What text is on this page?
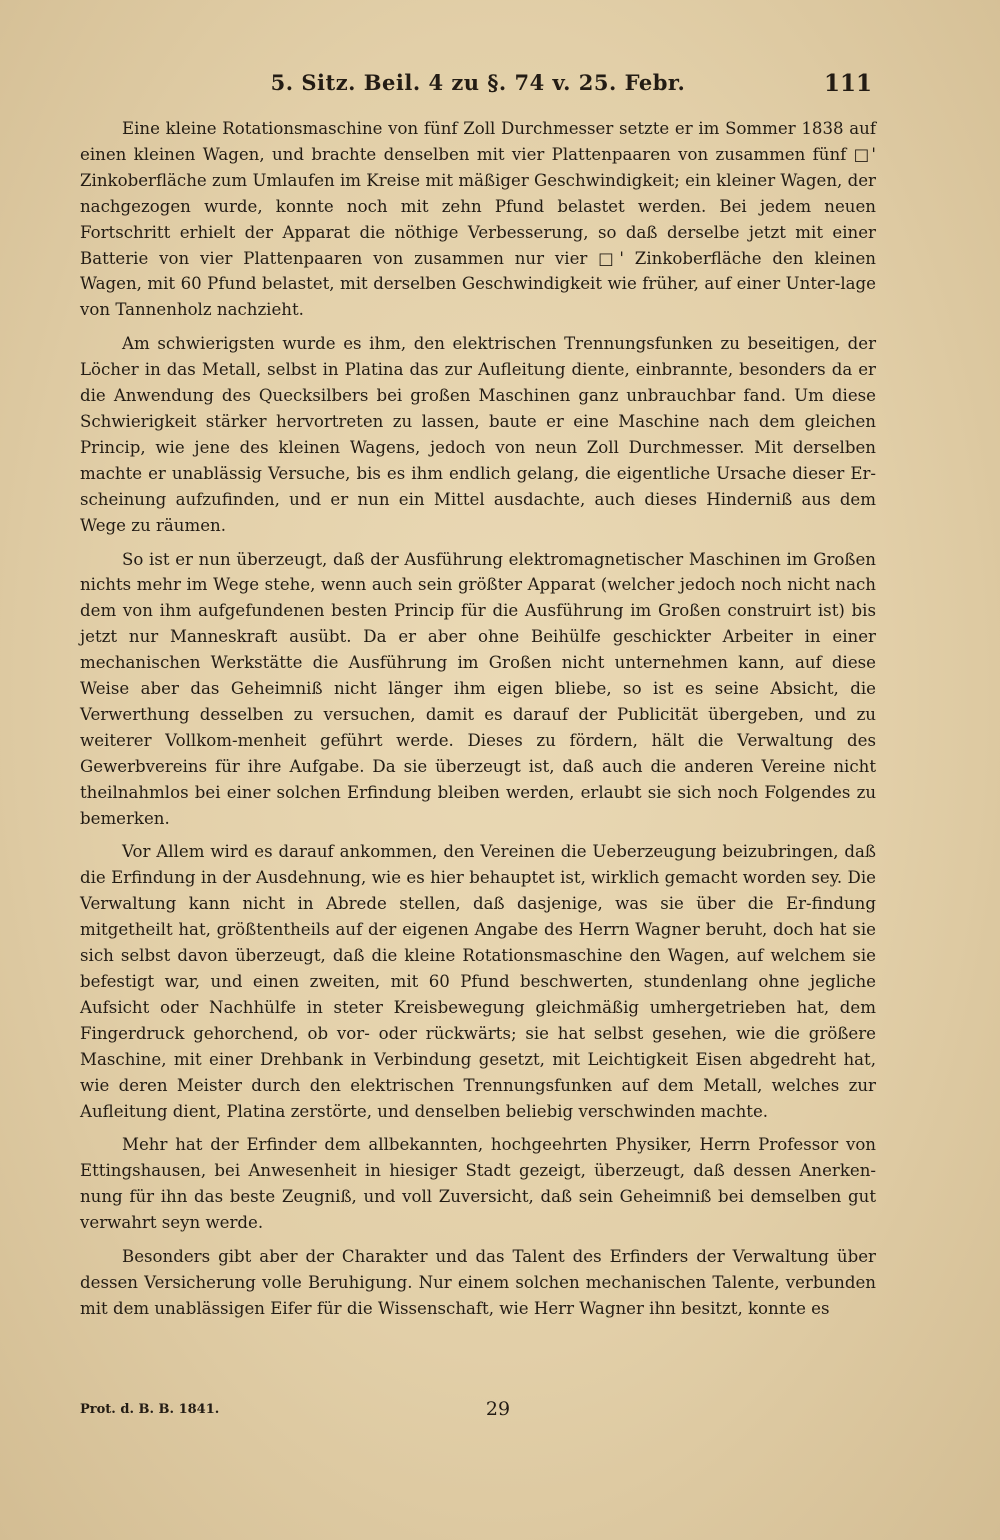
5. Sitz. Beil. 4 zu §. 74 v. 25. Febr.	111

Eine kleine Rotationsmaschine von fünf Zoll Durchmesser setzte er im Sommer 1838 auf einen kleinen Wagen, und brachte denselben mit vier Plattenpaaren von zusammen fünf □' Zinkoberfläche zum Umlaufen im Kreise mit mäßiger Geschwindigkeit; ein kleiner Wagen, der nachgezogen wurde, konnte noch mit zehn Pfund belastet werden. Bei jedem neuen Fortschritt erhielt der Apparat die nöthige Verbesserung, so daß derselbe jetzt mit einer Batterie von vier Plattenpaaren von zusammen nur vier □' Zinkoberfläche den kleinen Wagen, mit 60 Pfund belastet, mit derselben Geschwindigkeit wie früher, auf einer Unter-lage von Tannenholz nachzieht.

Am schwierigsten wurde es ihm, den elektrischen Trennungsfunken zu beseitigen, der Löcher in das Metall, selbst in Platina das zur Aufleitung diente, einbrannte, besonders da er die Anwendung des Quecksilbers bei großen Maschinen ganz unbrauchbar fand. Um diese Schwierigkeit stärker hervortreten zu lassen, baute er eine Maschine nach dem gleichen Princip, wie jene des kleinen Wagens, jedoch von neun Zoll Durchmesser. Mit derselben machte er unablässig Versuche, bis es ihm endlich gelang, die eigentliche Ursache dieser Er-scheinung aufzufinden, und er nun ein Mittel ausdachte, auch dieses Hinderniß aus dem Wege zu räumen.

So ist er nun überzeugt, daß der Ausführung elektromagnetischer Maschinen im Großen nichts mehr im Wege stehe, wenn auch sein größter Apparat (welcher jedoch noch nicht nach dem von ihm aufgefundenen besten Princip für die Ausführung im Großen construirt ist) bis jetzt nur Manneskraft ausübt. Da er aber ohne Beihülfe geschickter Arbeiter in einer mechanischen Werkstätte die Ausführung im Großen nicht unternehmen kann, auf diese Weise aber das Geheimniß nicht länger ihm eigen bliebe, so ist es seine Absicht, die Verwerthung desselben zu versuchen, damit es darauf der Publicität übergeben, und zu weiterer Vollkom-menheit geführt werde. Dieses zu fördern, hält die Verwaltung des Gewerbvereins für ihre Aufgabe. Da sie überzeugt ist, daß auch die anderen Vereine nicht theilnahmlos bei einer solchen Erfindung bleiben werden, erlaubt sie sich noch Folgendes zu bemerken.

Vor Allem wird es darauf ankommen, den Vereinen die Ueberzeugung beizubringen, daß die Erfindung in der Ausdehnung, wie es hier behauptet ist, wirklich gemacht worden sey. Die Verwaltung kann nicht in Abrede stellen, daß dasjenige, was sie über die Er-findung mitgetheilt hat, größtentheils auf der eigenen Angabe des Herrn Wagner beruht, doch hat sie sich selbst davon überzeugt, daß die kleine Rotationsmaschine den Wagen, auf welchem sie befestigt war, und einen zweiten, mit 60 Pfund beschwerten, stundenlang ohne jegliche Aufsicht oder Nachhülfe in steter Kreisbewegung gleichmäßig umhergetrieben hat, dem Fingerdruck gehorchend, ob vor- oder rückwärts; sie hat selbst gesehen, wie die größere Maschine, mit einer Drehbank in Verbindung gesetzt, mit Leichtigkeit Eisen abgedreht hat, wie deren Meister durch den elektrischen Trennungsfunken auf dem Metall, welches zur Aufleitung dient, Platina zerstörte, und denselben beliebig verschwinden machte.

Mehr hat der Erfinder dem allbekannten, hochgeehrten Physiker, Herrn Professor von Ettingshausen, bei Anwesenheit in hiesiger Stadt gezeigt, überzeugt, daß dessen Anerken-nung für ihn das beste Zeugniß, und voll Zuversicht, daß sein Geheimniß bei demselben gut verwahrt seyn werde.

Besonders gibt aber der Charakter und das Talent des Erfinders der Verwaltung über dessen Versicherung volle Beruhigung. Nur einem solchen mechanischen Talente, verbunden mit dem unablässigen Eifer für die Wissenschaft, wie Herr Wagner ihn besitzt, konnte es

Prot. d. B. B. 1841.	29
